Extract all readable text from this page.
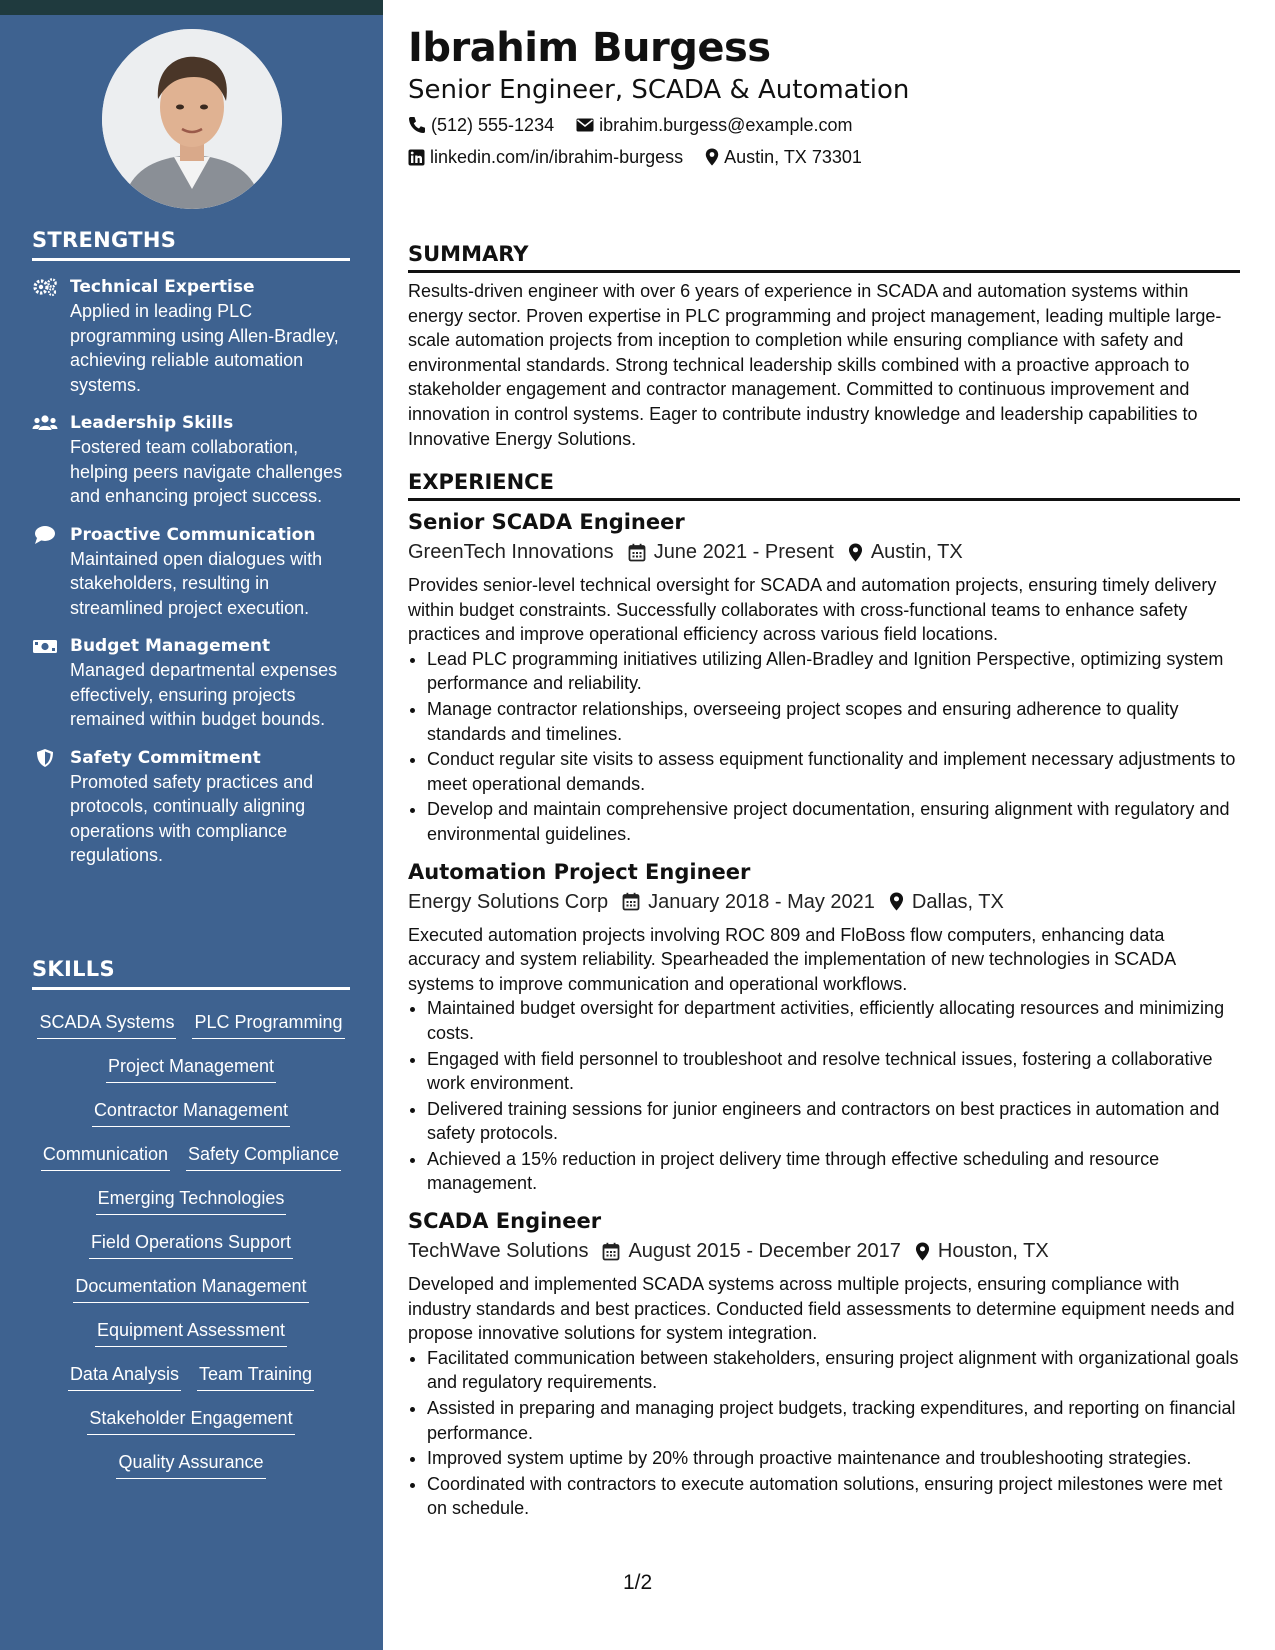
STRENGTHS
Technical Expertise
Applied in leading PLC programming using Allen-Bradley, achieving reliable automation systems.
Leadership Skills
Fostered team collaboration, helping peers navigate challenges and enhancing project success.
Proactive Communication
Maintained open dialogues with stakeholders, resulting in streamlined project execution.
Budget Management
Managed departmental expenses effectively, ensuring projects remained within budget bounds.
Safety Commitment
Promoted safety practices and protocols, continually aligning operations with compliance regulations.
SKILLS
SCADA Systems PLC Programming
Project Management
Contractor Management
Communication Safety Compliance
Emerging Technologies
Field Operations Support
Documentation Management
Equipment Assessment
Data Analysis Team Training
Stakeholder Engagement
Quality Assurance
Ibrahim Burgess
Senior Engineer, SCADA & Automation
(512) 555-1234	ibrahim.burgess@example.com
linkedin.com/in/ibrahim-burgess Austin, TX 73301
SUMMARY

Results-driven engineer with over 6 years of experience in SCADA and automation systems within energy sector. Proven expertise in PLC programming and project management, leading multiple large-scale automation projects from inception to completion while ensuring compliance with safety and environmental standards. Strong technical leadership skills combined with a proactive approach to stakeholder engagement and contractor management. Committed to continuous improvement and innovation in control systems. Eager to contribute industry knowledge and leadership capabilities to Innovative Energy Solutions.

EXPERIENCE
Senior SCADA Engineer
GreenTech Innovations June 2021 - Present Austin, TX

Provides senior-level technical oversight for SCADA and automation projects, ensuring timely delivery within budget constraints. Successfully collaborates with cross-functional teams to enhance safety practices and improve operational efficiency across various field locations.

• Lead PLC programming initiatives utilizing Allen-Bradley and Ignition Perspective, optimizing system performance and reliability.
• Manage contractor relationships, overseeing project scopes and ensuring adherence to quality standards and timelines.
• Conduct regular site visits to assess equipment functionality and implement necessary adjustments to meet operational demands.
• Develop and maintain comprehensive project documentation, ensuring alignment with regulatory and environmental guidelines.
Automation Project Engineer
Energy Solutions Corp January 2018 - May 2021 Dallas, TX

Executed automation projects involving ROC 809 and FloBoss flow computers, enhancing data accuracy and system reliability. Spearheaded the implementation of new technologies in SCADA systems to improve communication and operational workflows.

• Maintained budget oversight for department activities, efficiently allocating resources and minimizing costs.
• Engaged with field personnel to troubleshoot and resolve technical issues, fostering a collaborative work environment.
• Delivered training sessions for junior engineers and contractors on best practices in automation and safety protocols.
• Achieved a 15% reduction in project delivery time through effective scheduling and resource management.
SCADA Engineer
TechWave Solutions August 2015 - December 2017 Houston, TX

Developed and implemented SCADA systems across multiple projects, ensuring compliance with industry standards and best practices. Conducted field assessments to determine equipment needs and propose innovative solutions for system integration.

• Facilitated communication between stakeholders, ensuring project alignment with organizational goals and regulatory requirements.
• Assisted in preparing and managing project budgets, tracking expenditures, and reporting on financial performance.
• Improved system uptime by 20% through proactive maintenance and troubleshooting strategies.
• Coordinated with contractors to execute automation solutions, ensuring project milestones were met on schedule.
1/2
